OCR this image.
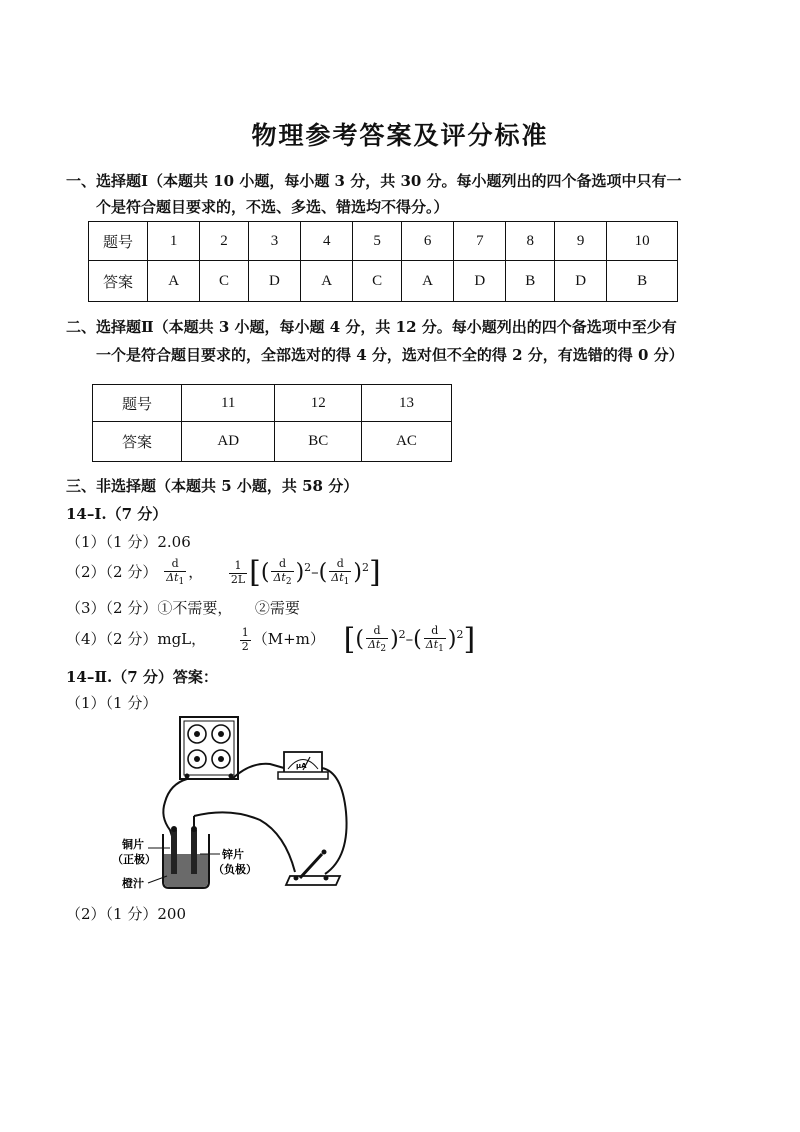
物理参考答案及评分标准
一、选择题Ⅰ（本题共 10 小题，每小题 3 分，共 30 分。每小题列出的四个备选项中只有一
个是符合题目要求的，不选、多选、错选均不得分。）
题号	1	2	3	4	5	6	7	8	9	10
答案	A	C	D	A	C	A	D	B	D	B
二、选择题Ⅱ（本题共 3 小题，每小题 4 分，共 12 分。每小题列出的四个备选项中至少有
一个是符合题目要求的，全部选对的得 4 分，选对但不全的得 2 分，有选错的得 0 分）
题号	11	12	13
答案	AD	BC	AC
三、非选择题（本题共 5 小题，共 58 分）
14–Ⅰ.（7 分）
（1）（1 分）2.06
（2）（2 分） $\frac{d}{\Delta t_1}$ ， $\frac{1}{2L}$ [( $\frac{d}{\Delta t_2} )^2-( \frac{d}{\Delta t_1} )^2$]
（3）（2 分）①不需要，　　②需要
（4）（2 分）mgL，	$\frac{1}{2} (M+m)$ [( $\frac{d}{\Delta t_2} )^2-( \frac{d}{\Delta t_1} )^2$]
14–Ⅱ.（7 分）答案：
（1）（1 分）
μA
铜片
（正极）
橙汁
锌片
（负极）
（2）（1 分）200
